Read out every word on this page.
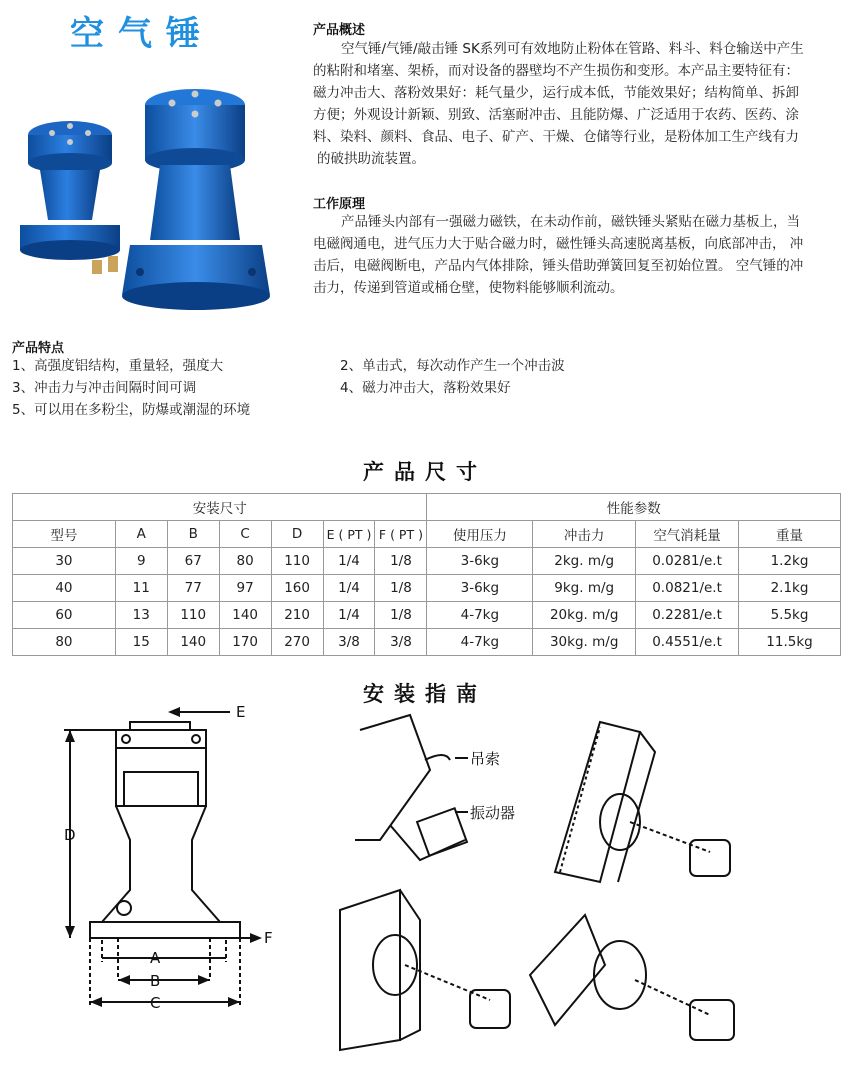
空气锤	产品概述
空气锤/气锤/敲击锤 SK系列可有效地防止粉体在管路、料斗、料仓输送中产生
的粘附和堵塞、架桥，而对设备的器壁均不产生损伤和变形。本产品主要特征有：
磁力冲击大、落粉效果好：耗气量少，运行成本低，节能效果好；结构简单、拆卸
方便；外观设计新颖、别致、活塞耐冲击、且能防爆、广泛适用于农药、医药、涂
料、染料、颜料、食品、电子、矿产、干燥、仓储等行业，是粉体加工生产线有力
的破拱助流装置。
工作原理
产品锤头内部有一强磁力磁铁，在未动作前，磁铁锤头紧贴在磁力基板上，当
电磁阀通电，进气压力大于贴合磁力时，磁性锤头高速脱离基板，向底部冲击， 冲
击后，电磁阀断电，产品内气体排除，锤头借助弹簧回复至初始位置。 空气锤的冲
击力，传递到管道或桶仓壁，使物料能够顺利流动。
产品特点
1、高强度铝结构，重量轻，强度大	2、单击式，每次动作产生一个冲击波
3、冲击力与冲击间隔时间可调	4、磁力冲击大，落粉效果好
5、可以用在多粉尘，防爆或潮湿的环境
产品尺寸
安装尺寸							性能参数			
型号	A	B	C	D	E ( PT )	F ( PT )	使用压力	冲击力	空气消耗量	重量
30	9	67	80	110	1/4	1/8	3-6kg	2kg. m/g	0.0281/e.t	1.2kg
40	11	77	97	160	1/4	1/8	3-6kg	9kg. m/g	0.0821/e.t	2.1kg
60	13	110	140	210	1/4	1/8	4-7kg	20kg. m/g	0.2281/e.t	5.5kg
80	15	140	170	270	3/8	3/8	4-7kg	30kg. m/g	0.4551/e.t	11.5kg
安装指南
E
D
F
A
B
C
吊索
振动器
